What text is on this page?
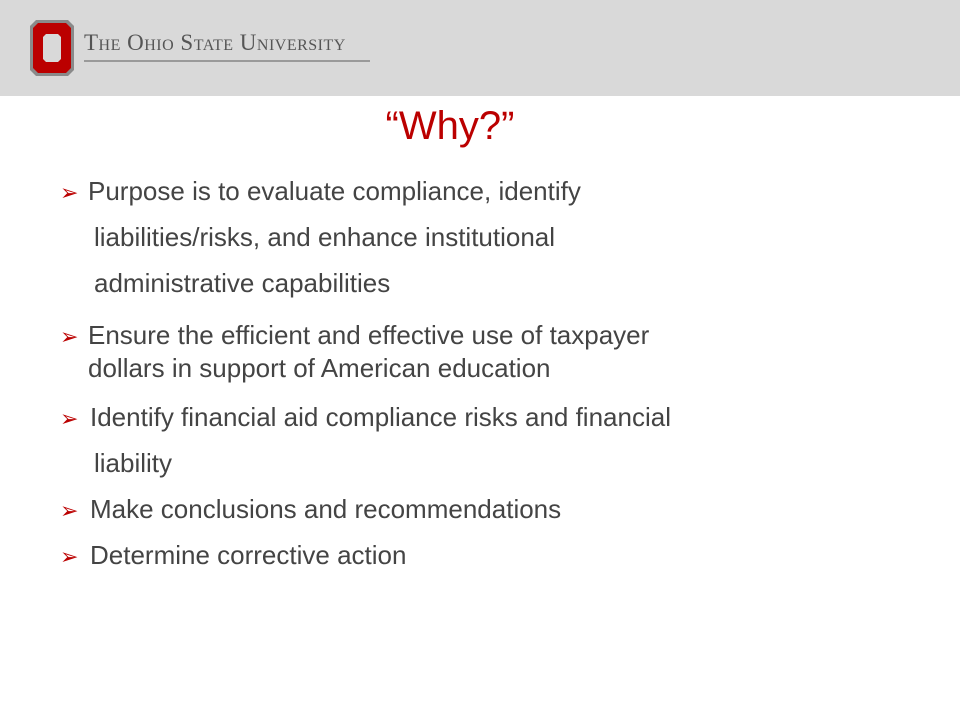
The Ohio State University
“Why?”
➢ Purpose is to evaluate compliance, identify
liabilities/risks, and enhance institutional
administrative capabilities
➢ Ensure the efficient and effective use of taxpayer
dollars in support of American education
➢ Identify financial aid compliance risks and financial
liability
➢ Make conclusions and recommendations
➢ Determine corrective action
